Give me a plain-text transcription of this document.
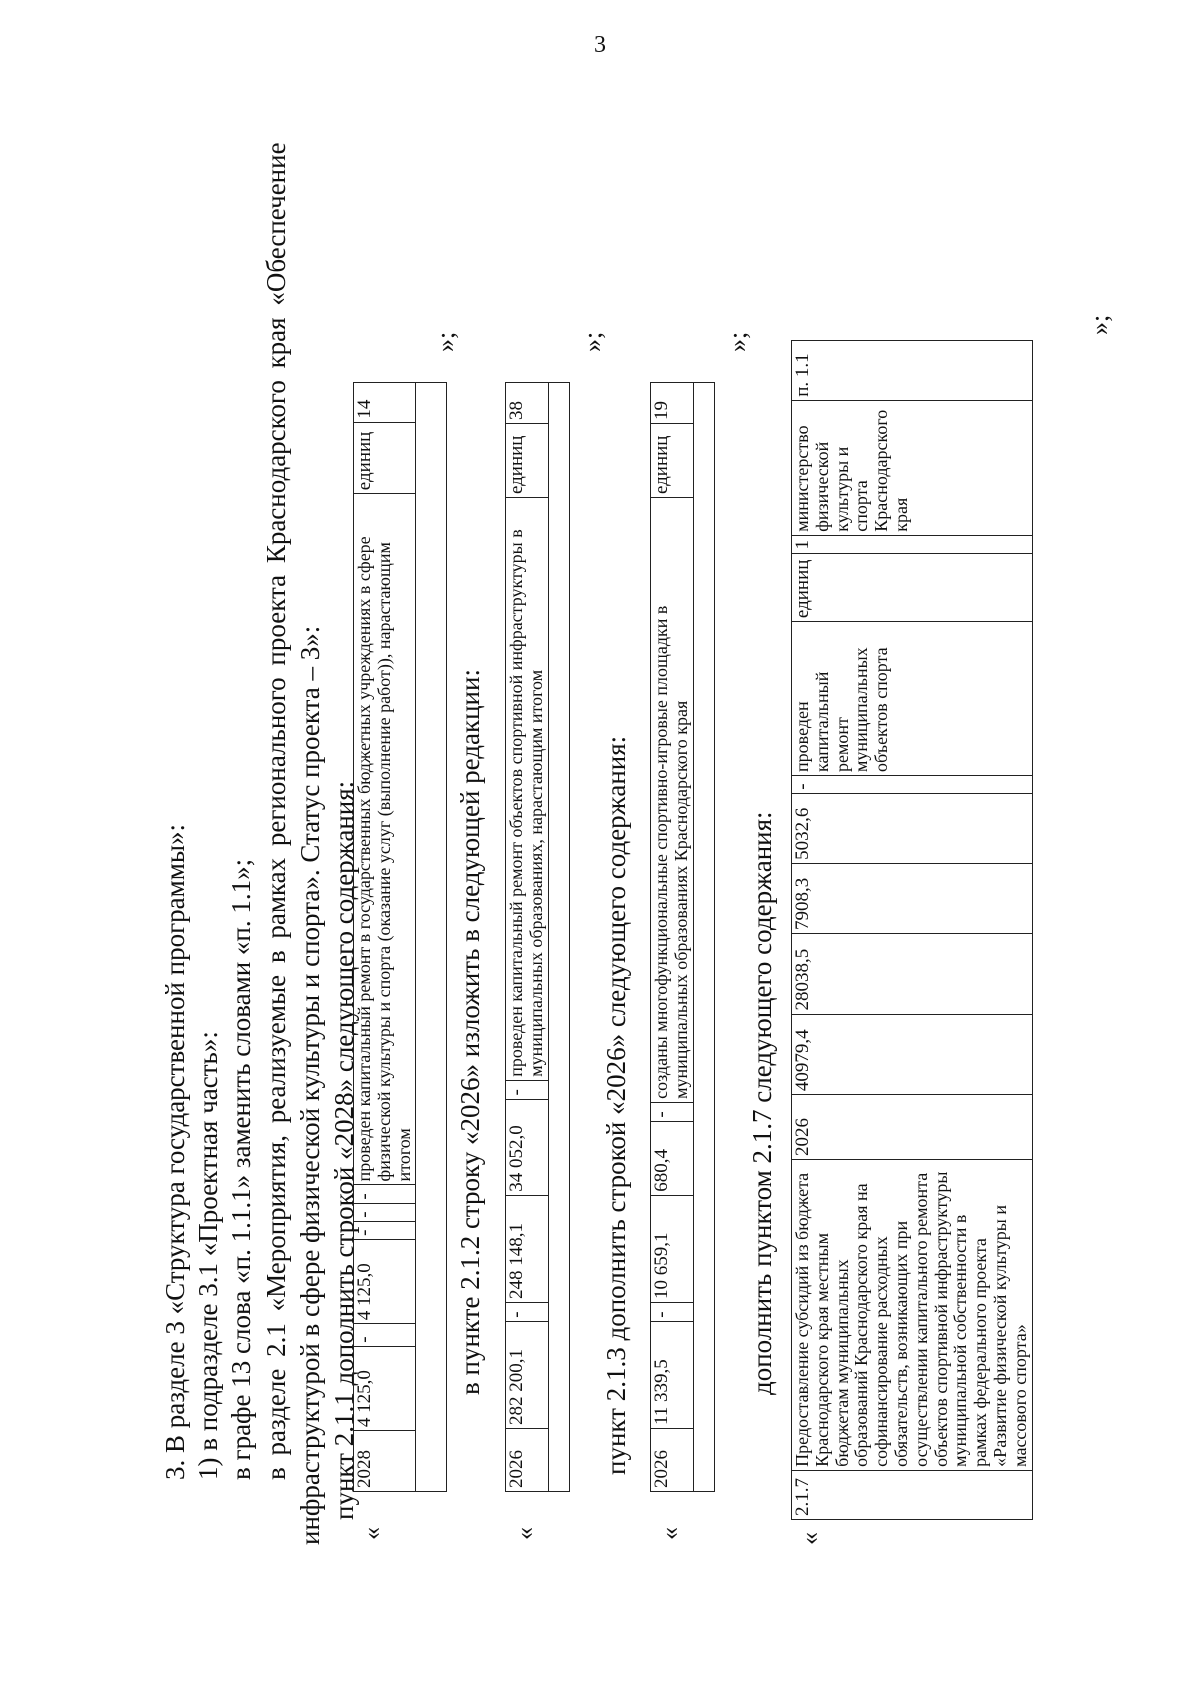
3
3. В разделе 3 «Структура государственной программы»: 1) в подразделе 3.1 «Проектная часть»: в графе 13 слова «п. 1.1.1» заменить словами «п. 1.1»; в разделе 2.1 «Мероприятия, реализуемые в рамках регионального проекта Краснодарского края «Обеспечение инфраструктурой в сфере физической культуры и спорта». Статус проекта – 3»: пункт 2.1.1 дополнить строкой «2028» следующего содержания:
«
2028	4 125,0	-	4 125,0	-	-	-	проведен капитальный ремонт в государственных бюджетных учреждениях в сфере физической культуры и спорта (оказание услуг (выполнение работ)), нарастающим итогом	единиц	14

»;
в пункте 2.1.2 строку «2026» изложить в следующей редакции:
«
2026	282 200,1	-	248 148,1	34 052,0	-	проведен капитальный ремонт объектов спортивной инфраструктуры в муниципальных образованиях, нарастающим итогом	единиц	38

»;
пункт 2.1.3 дополнить строкой «2026» следующего содержания:
«
2026	11 339,5	-	10 659,1	680,4	-	созданы многофункциональные спортивно-игровые площадки в муниципальных образованиях Краснодарского края	единиц	19

»;
дополнить пунктом 2.1.7 следующего содержания:
«
2.1.7	Предоставление субсидий из бюджета Краснодарского края местным бюджетам муниципальных образований Краснодарского края на софинансирование расходных обязательств, возникающих при осуществлении капитального ремонта объектов спортивной инфраструктуры муниципальной собственности в рамках федерального проекта «Развитие физической культуры и массового спорта»	2026	40979,4	28038,5	7908,3	5032,6	-	проведен капитальный ремонт муниципальных объектов спорта	единиц	1	министерство физической культуры и спорта Краснодарского края	п. 1.1
»;
